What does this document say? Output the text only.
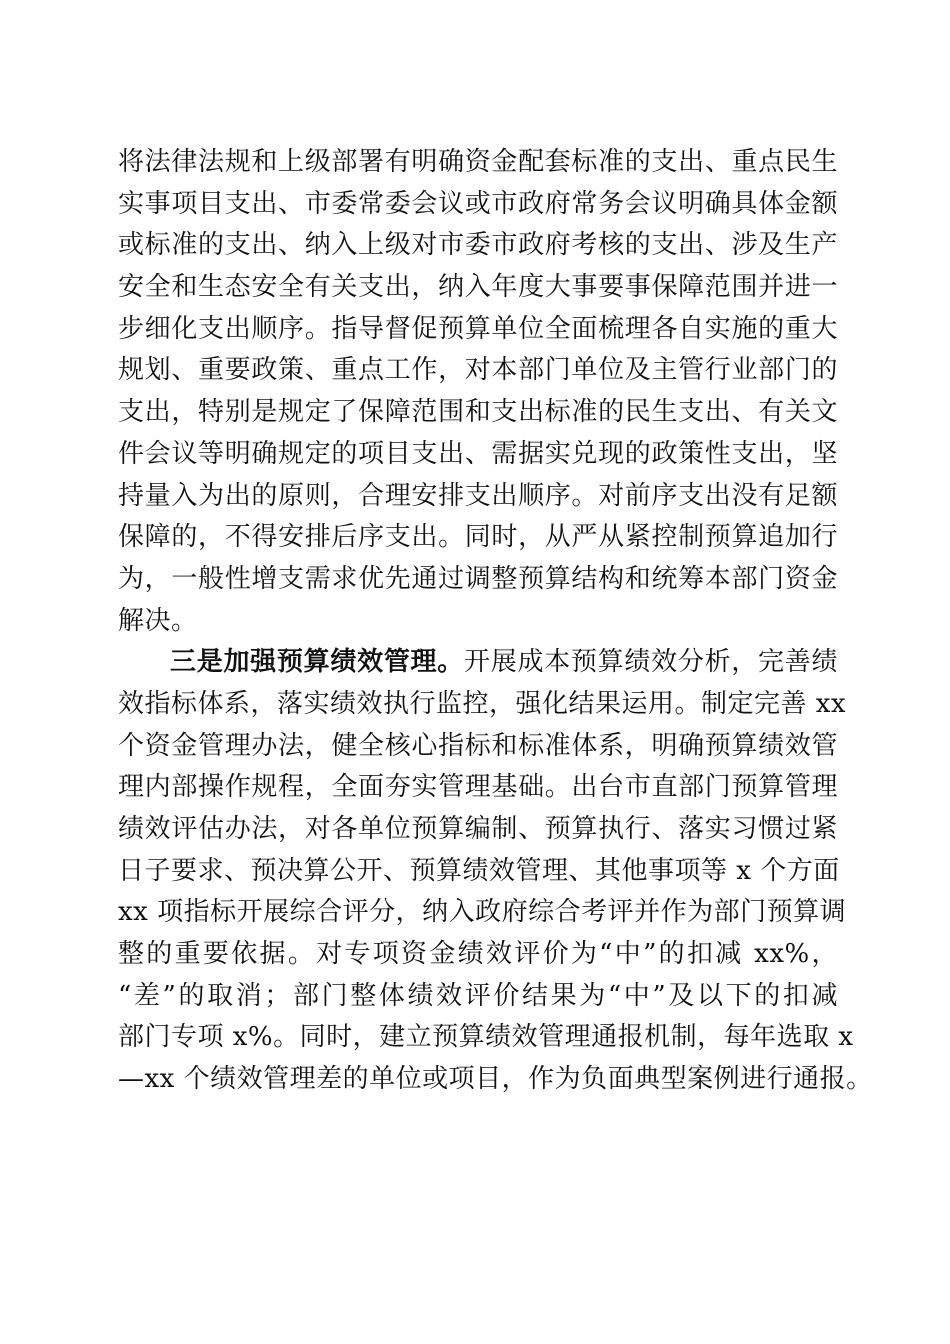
将法律法规和上级部署有明确资金配套标准的支出、重点民生
实事项目支出、市委常委会议或市政府常务会议明确具体金额
或标准的支出、纳入上级对市委市政府考核的支出、涉及生产
安全和生态安全有关支出，纳入年度大事要事保障范围并进一
步细化支出顺序。指导督促预算单位全面梳理各自实施的重大
规划、重要政策、重点工作，对本部门单位及主管行业部门的
支出，特别是规定了保障范围和支出标准的民生支出、有关文
件会议等明确规定的项目支出、需据实兑现的政策性支出，坚
持量入为出的原则，合理安排支出顺序。对前序支出没有足额
保障的，不得安排后序支出。同时，从严从紧控制预算追加行
为，一般性增支需求优先通过调整预算结构和统筹本部门资金
解决。
三是加强预算绩效管理。开展成本预算绩效分析，完善绩
效指标体系，落实绩效执行监控，强化结果运用。制定完善 xx
个资金管理办法，健全核心指标和标准体系，明确预算绩效管
理内部操作规程，全面夯实管理基础。出台市直部门预算管理
绩效评估办法，对各单位预算编制、预算执行、落实习惯过紧
日子要求、预决算公开、预算绩效管理、其他事项等 x 个方面
xx 项指标开展综合评分，纳入政府综合考评并作为部门预算调
整的重要依据。对专项资金绩效评价为“中”的扣减 xx%，
“差”的取消；部门整体绩效评价结果为“中”及以下的扣减
部门专项 x%。同时，建立预算绩效管理通报机制，每年选取 x
—xx 个绩效管理差的单位或项目，作为负面典型案例进行通报。
